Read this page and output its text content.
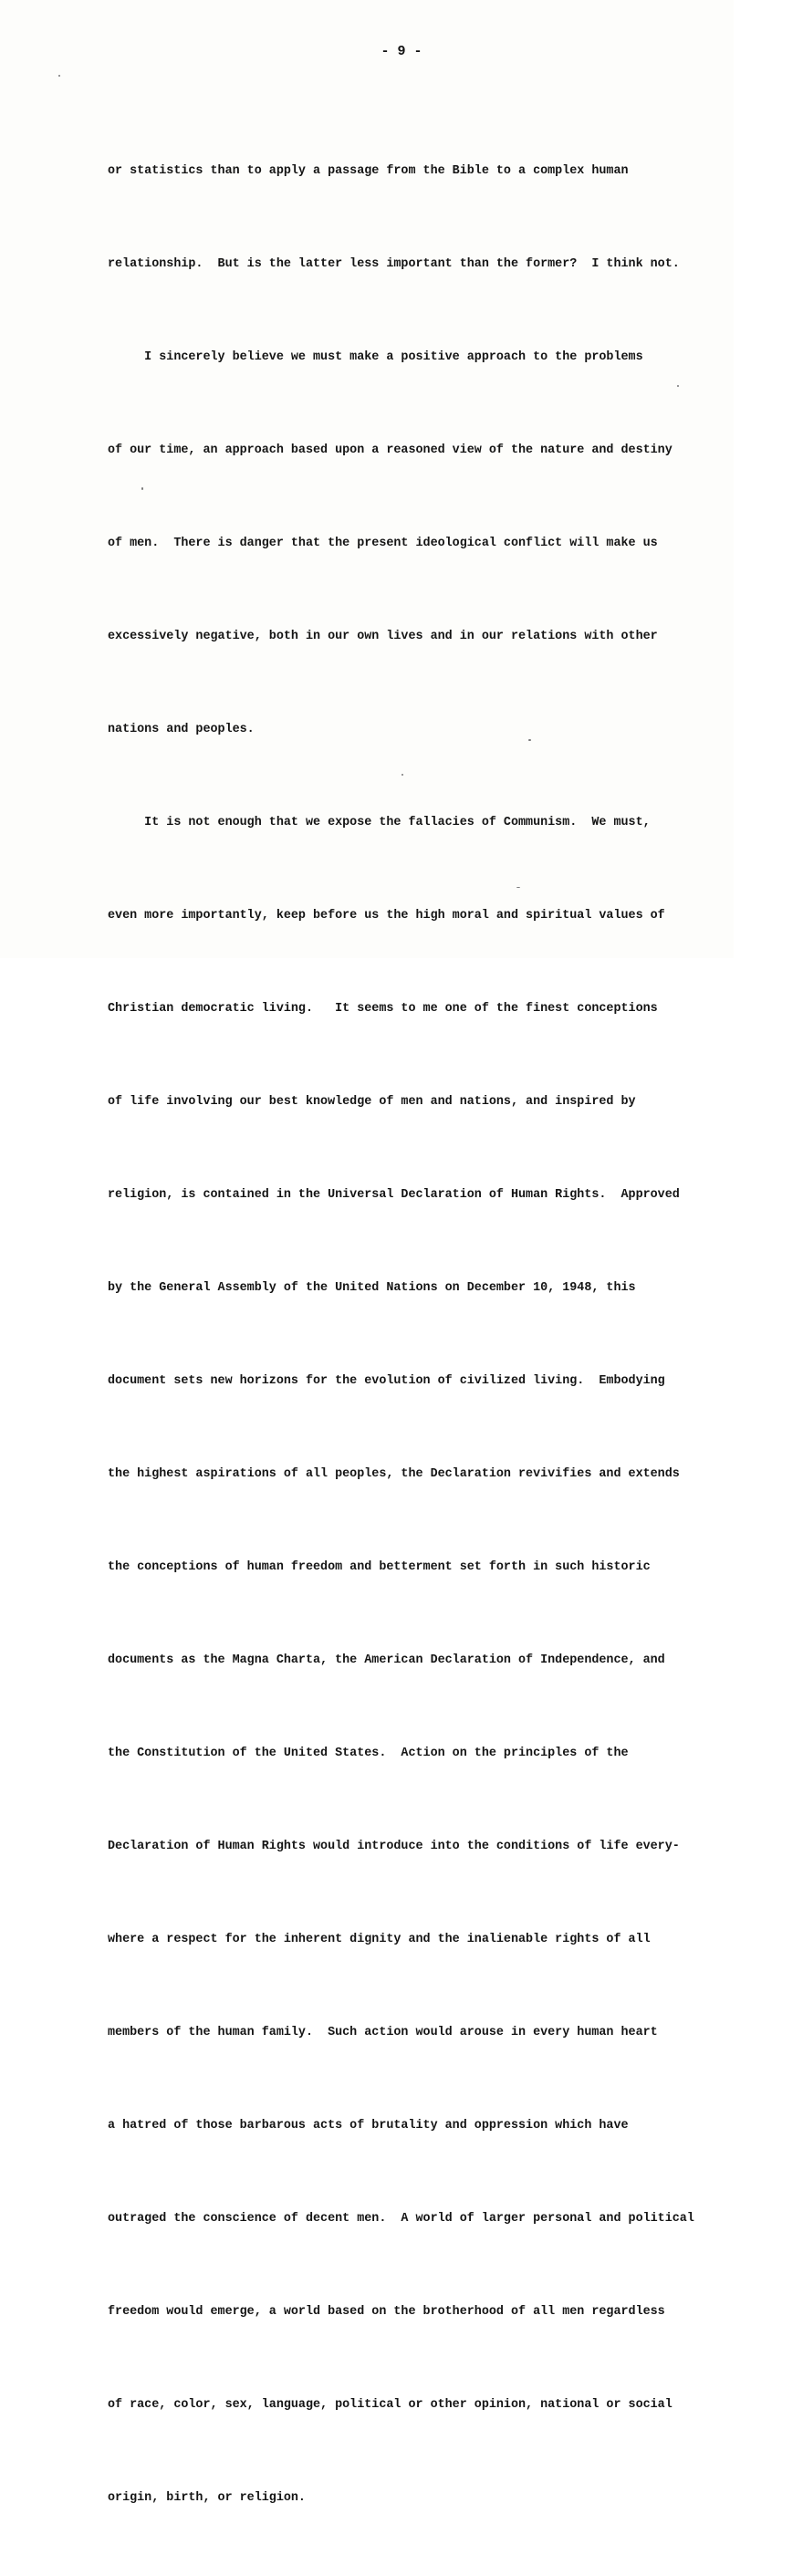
- 9 -

or statistics than to apply a passage from the Bible to a complex human

relationship.  But is the latter less important than the former?  I think not.

I sincerely believe we must make a positive approach to the problems

of our time, an approach based upon a reasoned view of the nature and destiny

of men.  There is danger that the present ideological conflict will make us

excessively negative, both in our own lives and in our relations with other

nations and peoples.

It is not enough that we expose the fallacies of Communism.  We must,

even more importantly, keep before us the high moral and spiritual values of

Christian democratic living.   It seems to me one of the finest conceptions

of life involving our best knowledge of men and nations, and inspired by

religion, is contained in the Universal Declaration of Human Rights.  Approved

by the General Assembly of the United Nations on December 10, 1948, this

document sets new horizons for the evolution of civilized living.  Embodying

the highest aspirations of all peoples, the Declaration revivifies and extends

the conceptions of human freedom and betterment set forth in such historic

documents as the Magna Charta, the American Declaration of Independence, and

the Constitution of the United States.  Action on the principles of the

Declaration of Human Rights would introduce into the conditions of life every-

where a respect for the inherent dignity and the inalienable rights of all

members of the human family.  Such action would arouse in every human heart

a hatred of those barbarous acts of brutality and oppression which have

outraged the conscience of decent men.  A world of larger personal and political

freedom would emerge, a world based on the brotherhood of all men regardless

of race, color, sex, language, political or other opinion, national or social

origin, birth, or religion.
